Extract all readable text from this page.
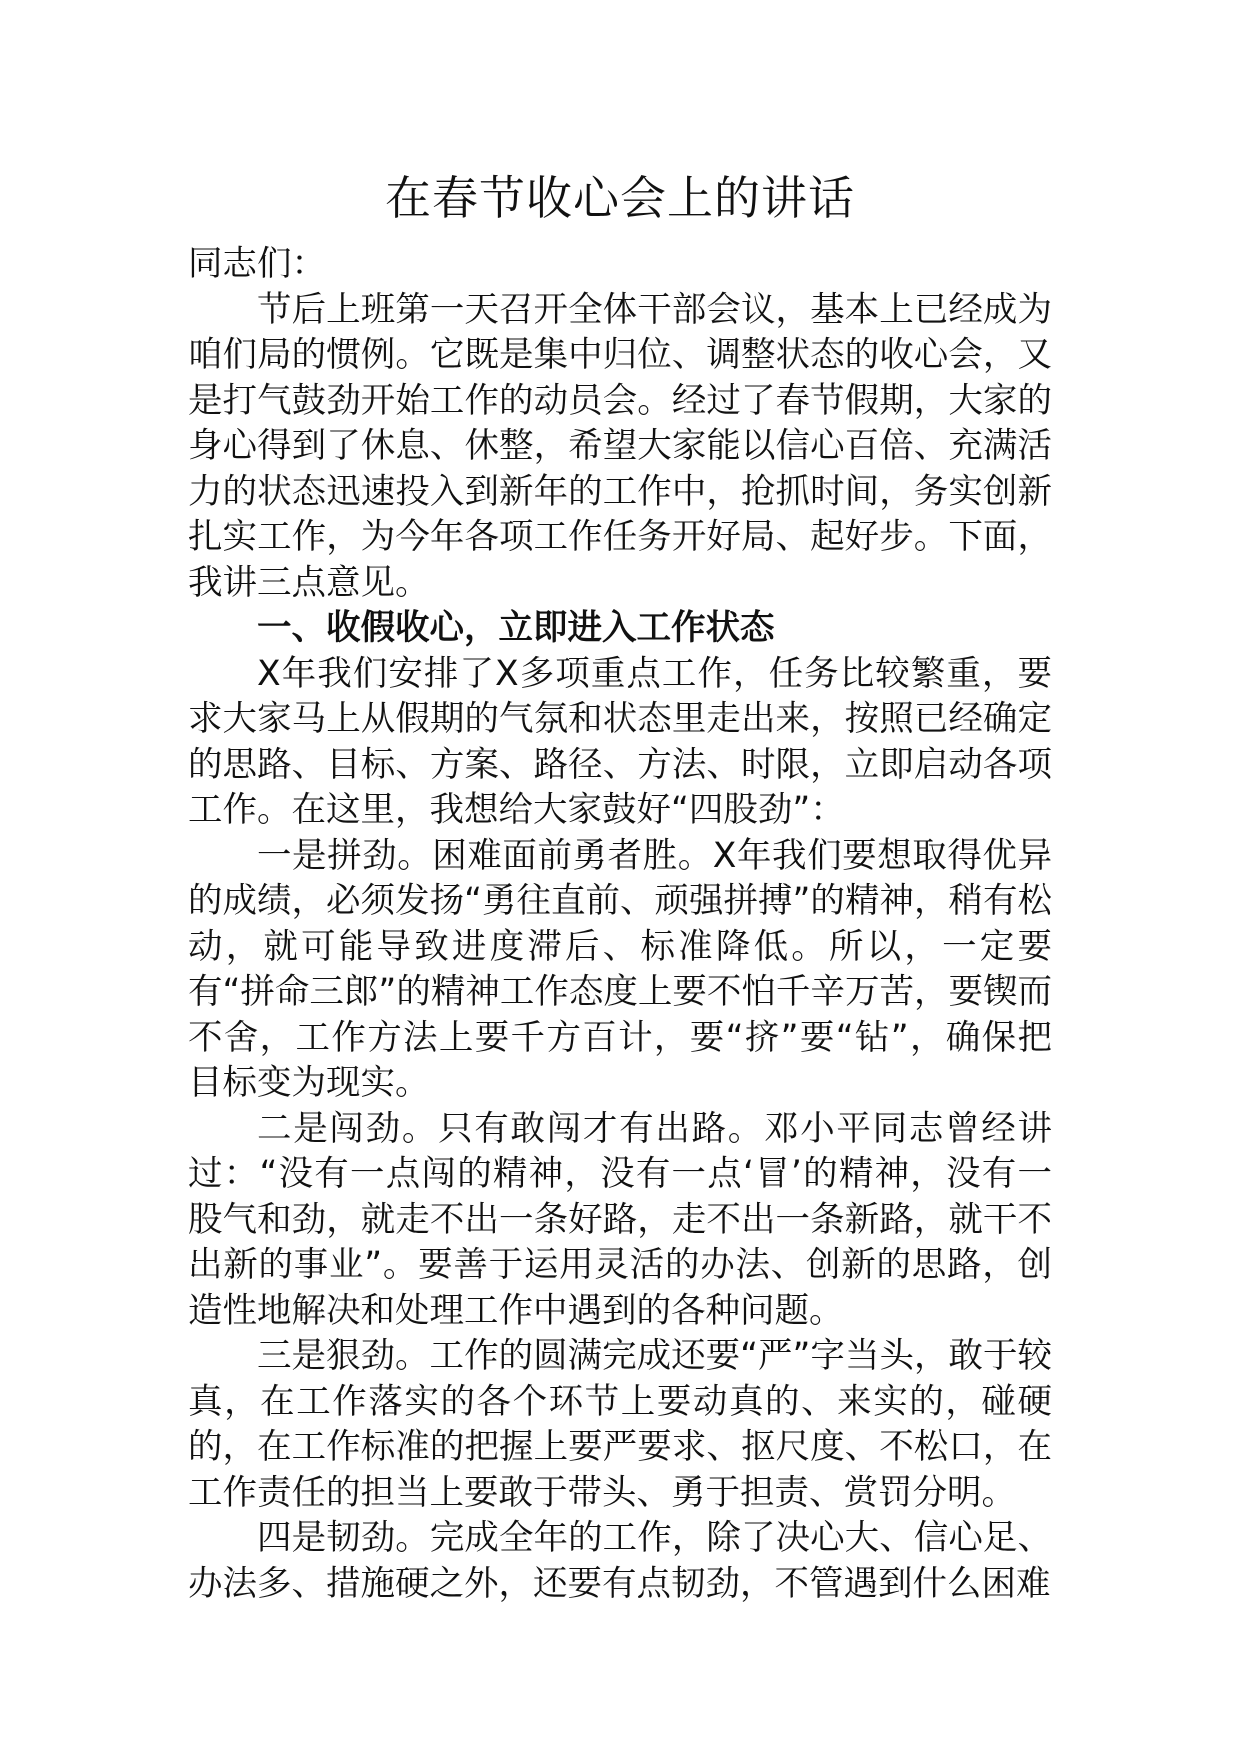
在春节收心会上的讲话

同志们：

节后上班第一天召开全体干部会议，基本上已经成为咱们局的惯例。它既是集中归位、调整状态的收心会，又是打气鼓劲开始工作的动员会。经过了春节假期，大家的身心得到了休息、休整，希望大家能以信心百倍、充满活力的状态迅速投入到新年的工作中，抢抓时间，务实创新扎实工作，为今年各项工作任务开好局、起好步。下面，我讲三点意见。

一、收假收心，立即进入工作状态

X年我们安排了X多项重点工作，任务比较繁重，要求大家马上从假期的气氛和状态里走出来，按照已经确定的思路、目标、方案、路径、方法、时限，立即启动各项工作。在这里，我想给大家鼓好“四股劲”：

一是拼劲。困难面前勇者胜。X年我们要想取得优异的成绩，必须发扬“勇往直前、顽强拼搏”的精神，稍有松动，就可能导致进度滞后、标准降低。所以，一定要有“拼命三郎”的精神工作态度上要不怕千辛万苦，要锲而不舍，工作方法上要千方百计，要“挤”要“钻”，确保把目标变为现实。

二是闯劲。只有敢闯才有出路。邓小平同志曾经讲过：“没有一点闯的精神，没有一点‘冒’的精神，没有一股气和劲，就走不出一条好路，走不出一条新路，就干不出新的事业”。要善于运用灵活的办法、创新的思路，创造性地解决和处理工作中遇到的各种问题。

三是狠劲。工作的圆满完成还要“严”字当头，敢于较真，在工作落实的各个环节上要动真的、来实的，碰硬的，在工作标准的把握上要严要求、抠尺度、不松口，在工作责任的担当上要敢于带头、勇于担责、赏罚分明。

四是韧劲。完成全年的工作，除了决心大、信心足、办法多、措施硬之外，还要有点韧劲，不管遇到什么困难
